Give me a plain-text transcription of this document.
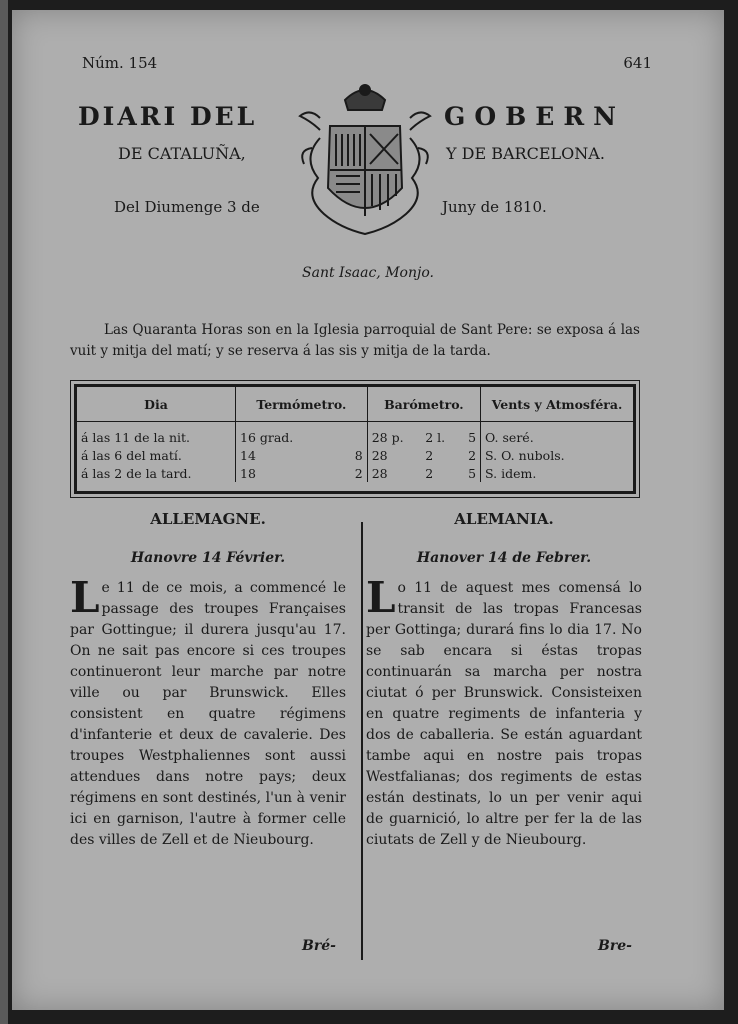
Núm. 154	641
DIARI DEL	GOBERN
DE CATALUÑA,	Y DE BARCELONA.
Del Diumenge 3 de	Juny de 1810.
Sant Isaac, Monjo.

Las Quaranta Horas son en la Iglesia parroquial de Sant Pere: se exposa á las vuit y mitja del matí; y se reserva á las sis y mitja de la tarda.

Dia	Termómetro.		Barómetro.			Vents y Atmosféra.
á las 11 de la nit.	16 grad.		28 p.	2 l.	5	O. seré.
á las 6 del matí.	14	8	28	2	2	S. O. nubols.
á las 2 de la tard.	18	2	28	2	5	S. idem.
ALLEMAGNE.
Hanovre 14 Février.

Le 11 de ce mois, a commencé le passage des troupes Françaises par Gottingue; il durera jusqu'au 17. On ne sait pas encore si ces troupes continueront leur marche par notre ville ou par Brunswick. Elles consistent en quatre régimens d'infanterie et deux de cavalerie. Des troupes Westphaliennes sont aussi attendues dans notre pays; deux régimens en sont destinés, l'un à venir ici en garnison, l'autre à former celle des villes de Zell et de Nieubourg.

ALEMANIA.
Hanover 14 de Febrer.

Lo 11 de aquest mes comensá lo transit de las tropas Francesas per Gottinga; durará fins lo dia 17. No se sab encara si éstas tropas continuarán sa marcha per nostra ciutat ó per Brunswick. Consisteixen en quatre regiments de infanteria y dos de caballeria. Se están aguardant tambe aqui en nostre pais tropas Westfalianas; dos regiments de estas están destinats, lo un per venir aqui de guarnició, lo altre per fer la de las ciutats de Zell y de Nieubourg.

Bré-	Bre-
